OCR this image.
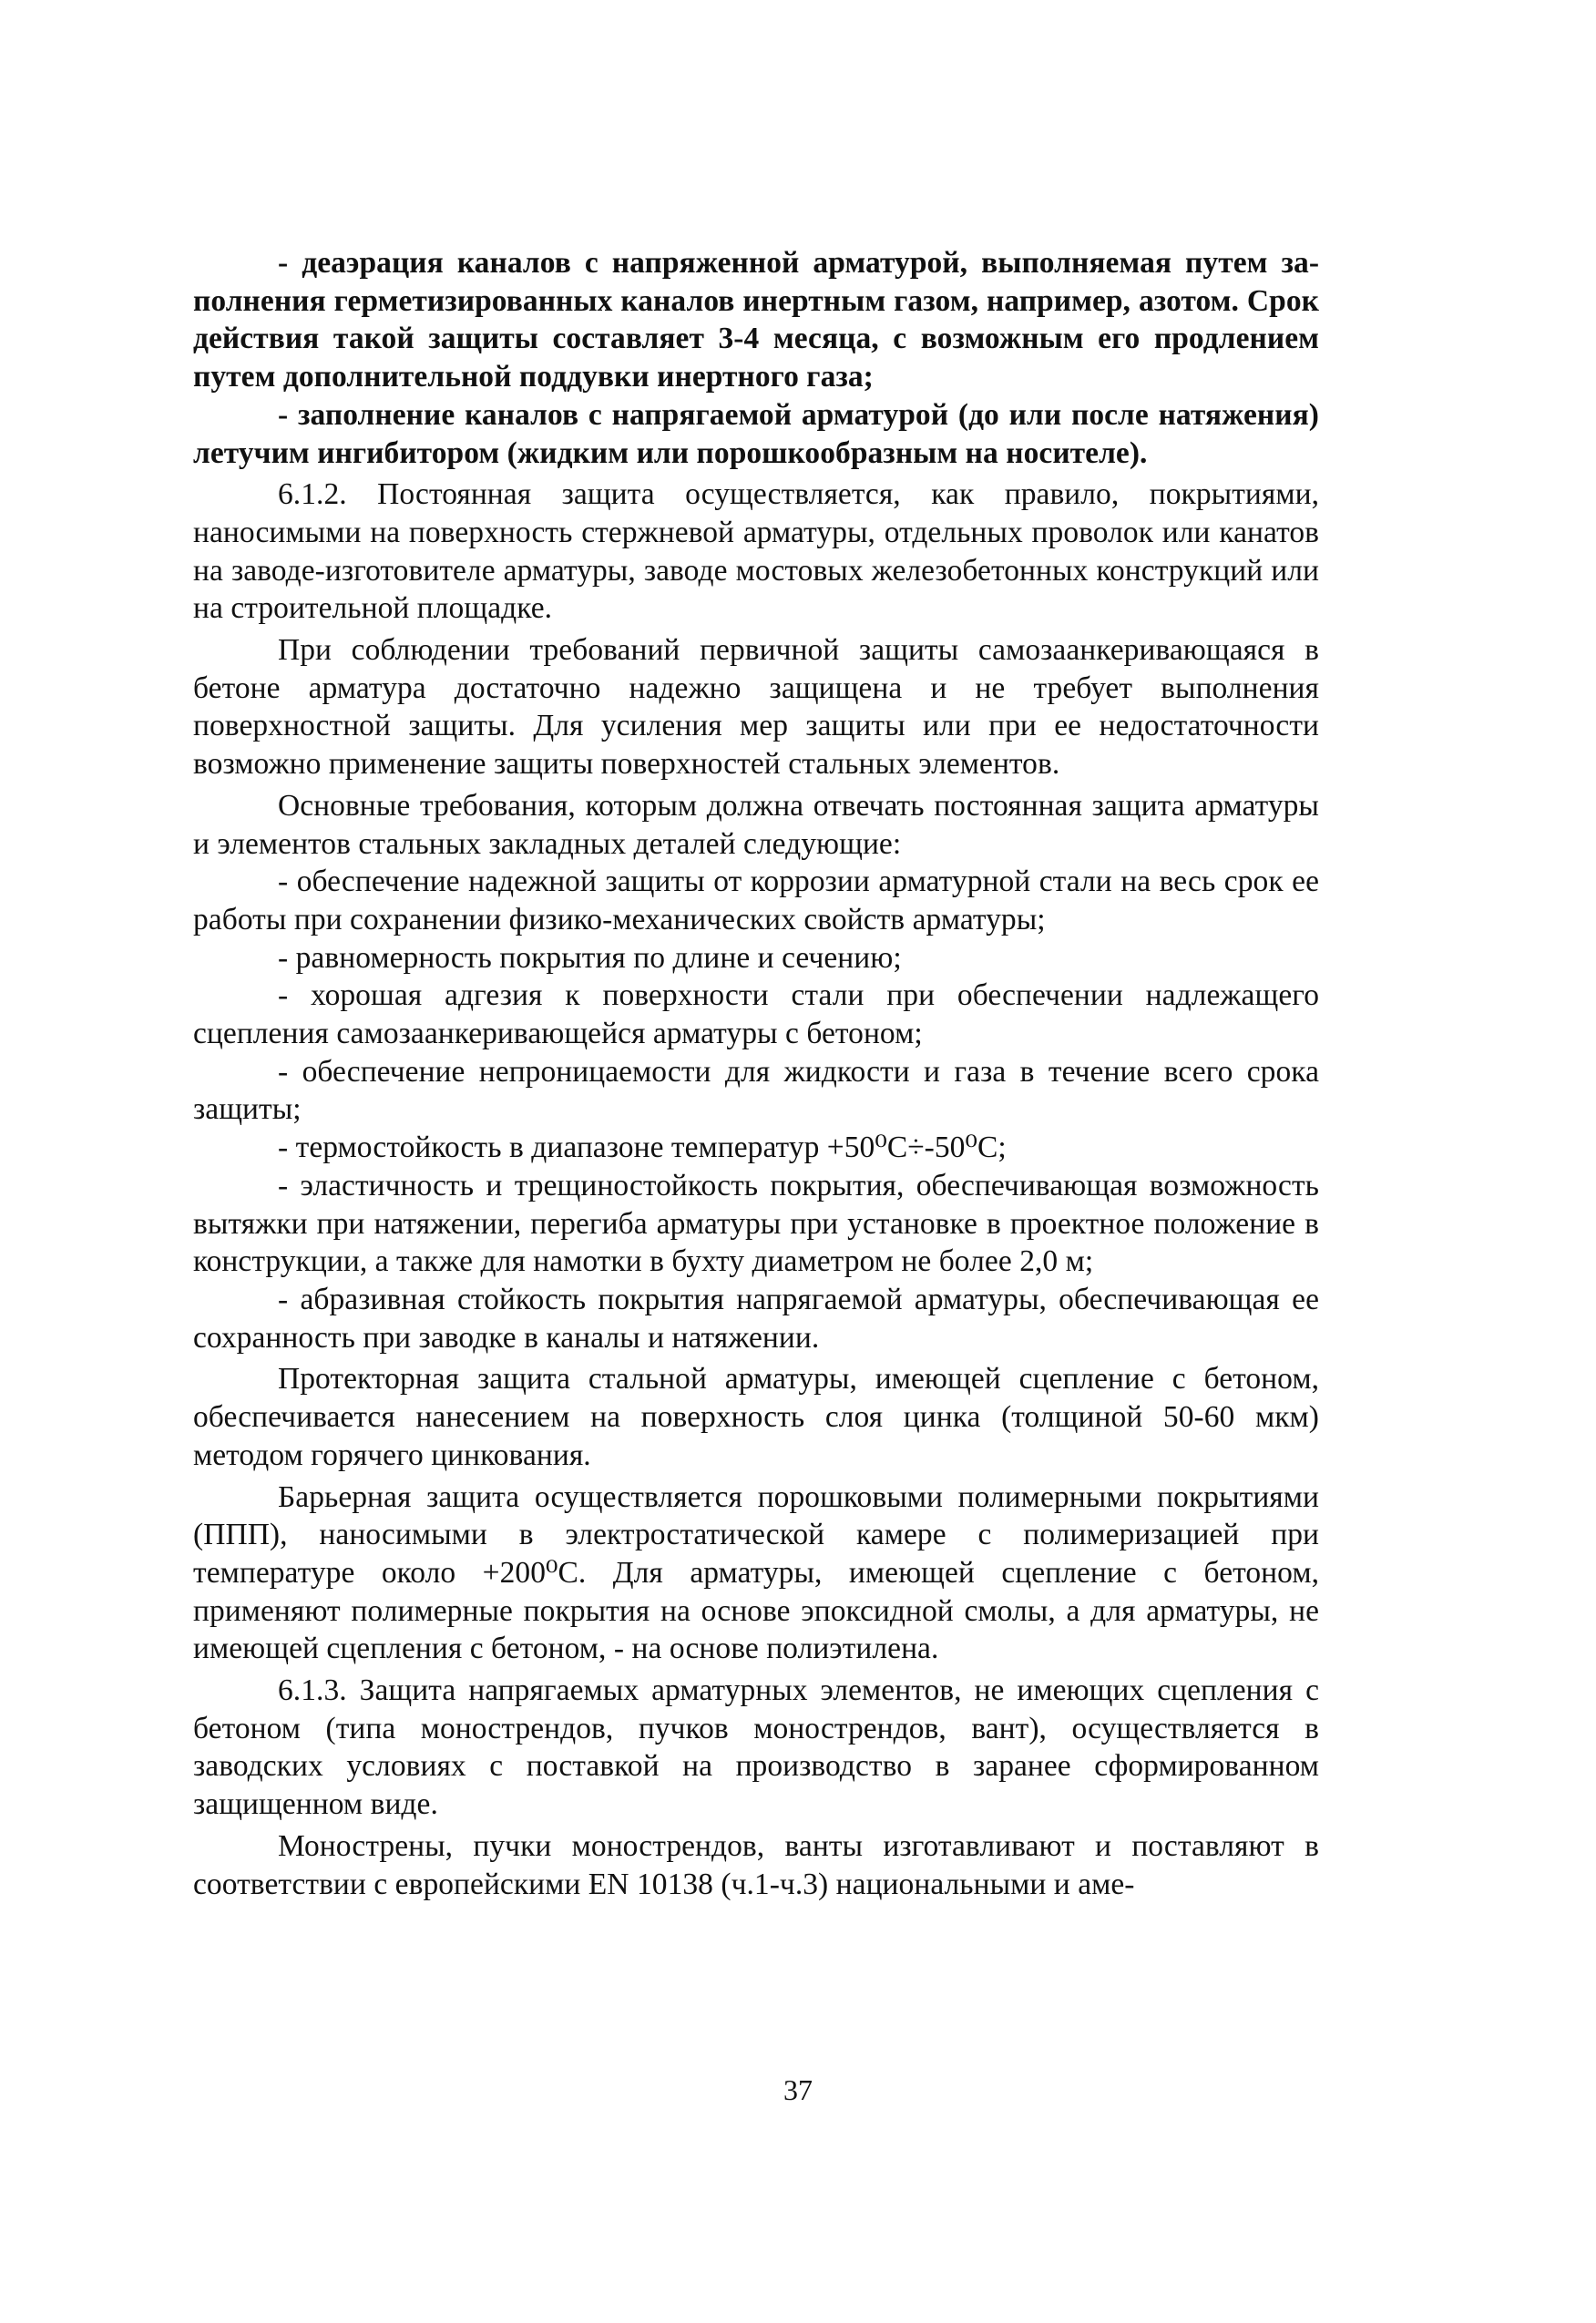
- деаэрация каналов с напряженной арматурой, выполняемая путем заполнения герметизированных каналов инертным газом, например, азотом. Срок действия такой защиты составляет 3-4 месяца, с возможным его продлением путем дополнительной поддувки инертного газа;

- заполнение каналов с напрягаемой арматурой (до или после натяжения) летучим ингибитором (жидким или порошкообразным на носителе).

6.1.2. Постоянная защита осуществляется, как правило, покрытиями, наносимыми на поверхность стержневой арматуры, отдельных проволок или канатов на заводе-изготовителе арматуры, заводе мостовых железобетонных конструкций или на строительной площадке.

При соблюдении требований первичной защиты самозаанкеривающаяся в бетоне арматура достаточно надежно защищена и не требует выполнения поверхностной защиты. Для усиления мер защиты или при ее недостаточности возможно применение защиты поверхностей стальных элементов.

Основные требования, которым должна отвечать постоянная защита арматуры и элементов стальных закладных деталей следующие:

- обеспечение надежной защиты от коррозии арматурной стали на весь срок ее работы при сохранении физико-механических свойств арматуры;

- равномерность покрытия по длине и сечению;

- хорошая адгезия к поверхности стали при обеспечении надлежащего сцепления самозаанкеривающейся арматуры с бетоном;

- обеспечение непроницаемости для жидкости и газа в течение всего срока защиты;

- термостойкость в диапазоне температур +50⁰С÷-50⁰С;

- эластичность и трещиностойкость покрытия, обеспечивающая возможность вытяжки при натяжении, перегиба арматуры при установке в проектное положение в конструкции, а также для намотки в бухту диаметром не более 2,0 м;

- абразивная стойкость покрытия напрягаемой арматуры, обеспечивающая ее сохранность при заводке в каналы и натяжении.

Протекторная защита стальной арматуры, имеющей сцепление с бетоном, обеспечивается нанесением на поверхность слоя цинка (толщиной 50-60 мкм) методом горячего цинкования.

Барьерная защита осуществляется порошковыми полимерными покрытиями (ППП), наносимыми в электростатической камере с полимеризацией при температуре около +200⁰С. Для арматуры, имеющей сцепление с бетоном, применяют полимерные покрытия на основе эпоксидной смолы, а для арматуры, не имеющей сцепления с бетоном, - на основе полиэтилена.

6.1.3. Защита напрягаемых арматурных элементов, не имеющих сцепления с бетоном (типа монострендов, пучков монострендов, вант), осуществляется в заводских условиях с поставкой на производство в заранее сформированном защищенном виде.

Монострены, пучки монострендов, ванты изготавливают и поставляют в соответствии с европейскими EN 10138 (ч.1-ч.3) национальными и аме-

37
